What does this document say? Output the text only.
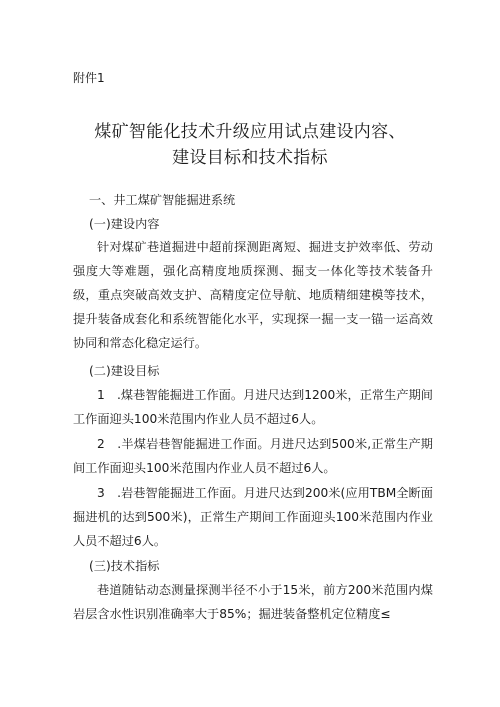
附件1
煤矿智能化技术升级应用试点建设内容、
建设目标和技术指标
一、井工煤矿智能掘进系统
(一)建设内容
针对煤矿巷道掘进中超前探测距离短、掘进支护效率低、劳动强度大等难题，强化高精度地质探测、掘支一体化等技术装备升级，重点突破高效支护、高精度定位导航、地质精细建模等技术，提升装备成套化和系统智能化水平，实现探一掘一支一锚一运高效协同和常态化稳定运行。
(二)建设目标
1　.煤巷智能掘进工作面。月进尺达到1200米，正常生产期间工作面迎头100米范围内作业人员不超过6人。
2　.半煤岩巷智能掘进工作面。月进尺达到500米,正常生产期间工作面迎头100米范围内作业人员不超过6人。
3　.岩巷智能掘进工作面。月进尺达到200米(应用TBM全断面掘进机的达到500米)，正常生产期间工作面迎头100米范围内作业人员不超过6人。
(三)技术指标
巷道随钻动态测量探测半径不小于15米，前方200米范围内煤岩层含水性识别准确率大于85%；掘进装备整机定位精度≤
